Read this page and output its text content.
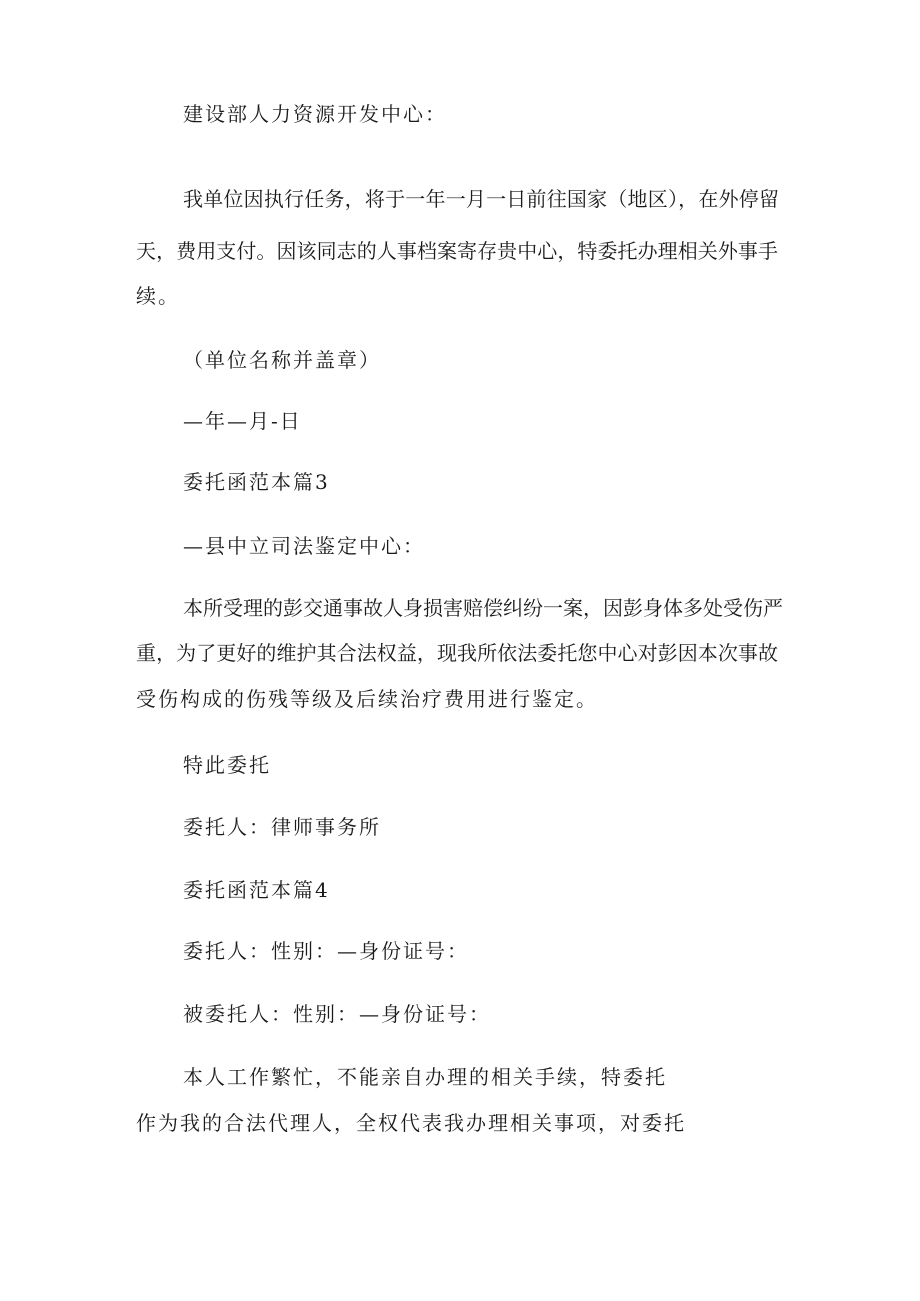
建设部人力资源开发中心：
我单位因执行任务，将于一年一月一日前往国家（地区），在外停留
天，费用支付。因该同志的人事档案寄存贵中心，特委托办理相关外事手
续。
（单位名称并盖章）
—年—月-日
委托函范本篇3
—县中立司法鉴定中心：
本所受理的彭交通事故人身损害赔偿纠纷一案，因彭身体多处受伤严
重，为了更好的维护其合法权益，现我所依法委托您中心对彭因本次事故
受伤构成的伤残等级及后续治疗费用进行鉴定。
特此委托
委托人：律师事务所
委托函范本篇4
委托人：性别：—身份证号：
被委托人：性别：—身份证号：
本人工作繁忙，不能亲自办理的相关手续，特委托
作为我的合法代理人，全权代表我办理相关事项，对委托
